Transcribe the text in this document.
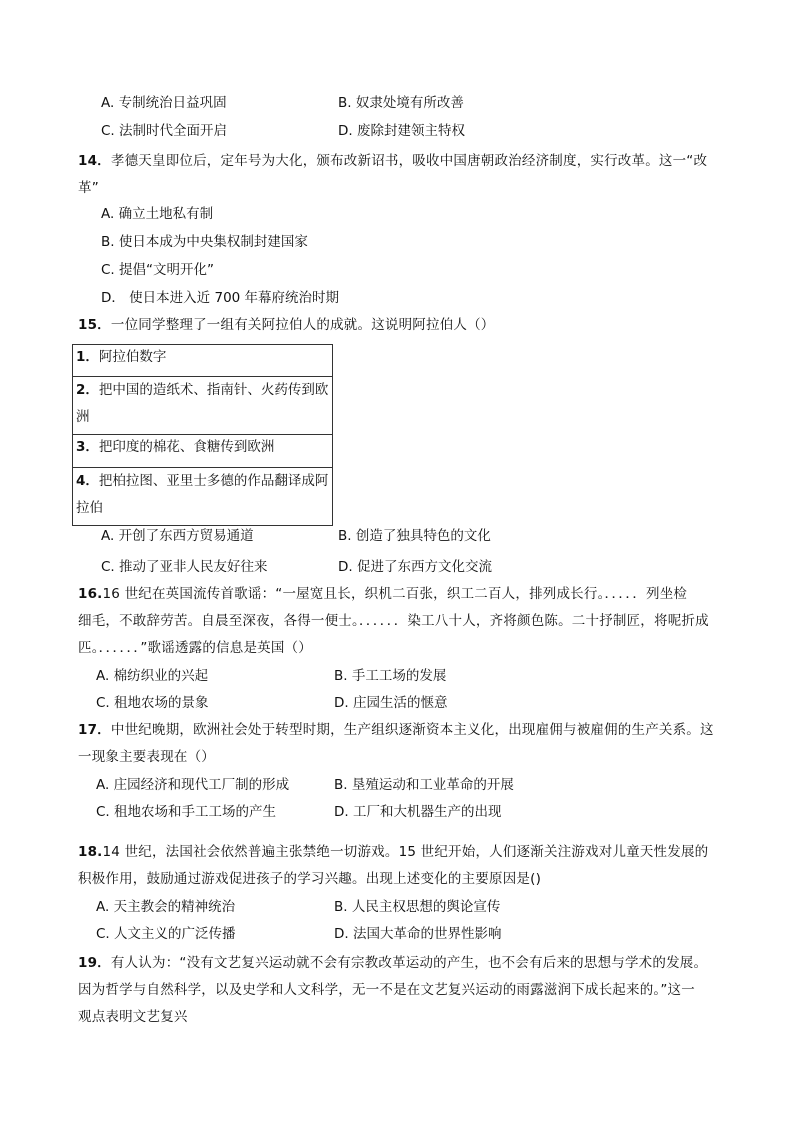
A. 专制统治日益巩固	B. 奴隶处境有所改善
C. 法制时代全面开启	D. 废除封建领主特权
14．孝德天皇即位后，定年号为大化，颁布改新诏书，吸收中国唐朝政治经济制度，实行改革。这一“改
革”
A. 确立土地私有制
B. 使日本成为中央集权制封建国家
C. 提倡“文明开化”
D． 使日本进入近 700 年幕府统治时期
15．一位同学整理了一组有关阿拉伯人的成就。这说明阿拉伯人（）
1．阿拉伯数字
2．把中国的造纸术、指南针、火药传到欧洲
3．把印度的棉花、食糖传到欧洲
4．把柏拉图、亚里士多德的作品翻译成阿拉伯
A. 开创了东西方贸易通道	B. 创造了独具特色的文化
C. 推动了亚非人民友好往来	D. 促进了东西方文化交流
16.16 世纪在英国流传首歌谣：“一屋宽且长，织机二百张，织工二百人，排列成长行。．．．．．列坐检
细毛，不敢辞劳苦。自晨至深夜，各得一便士。．．．．．．染工八十人，齐将颜色陈。二十抒制匠，将呢折成
匹。．．．．．．”歌谣透露的信息是英国（）
A. 棉纺织业的兴起	B. 手工工场的发展
C. 租地农场的景象	D. 庄园生活的惬意
17．中世纪晚期，欧洲社会处于转型时期，生产组织逐渐资本主义化，出现雇佣与被雇佣的生产关系。这
一现象主要表现在（）
A. 庄园经济和现代工厂制的形成	B. 垦殖运动和工业革命的开展
C. 租地农场和手工工场的产生	D. 工厂和大机器生产的出现
18.14 世纪，法国社会依然普遍主张禁绝一切游戏。15 世纪开始，人们逐渐关注游戏对儿童天性发展的
积极作用，鼓励通过游戏促进孩子的学习兴趣。出现上述变化的主要原因是()
A. 天主教会的精神统治	B. 人民主权思想的舆论宣传
C. 人文主义的广泛传播	D. 法国大革命的世界性影响
19．有人认为：“没有文艺复兴运动就不会有宗教改革运动的产生，也不会有后来的思想与学术的发展。
因为哲学与自然科学，以及史学和人文科学，无一不是在文艺复兴运动的雨露滋润下成长起来的。”这一
观点表明文艺复兴
